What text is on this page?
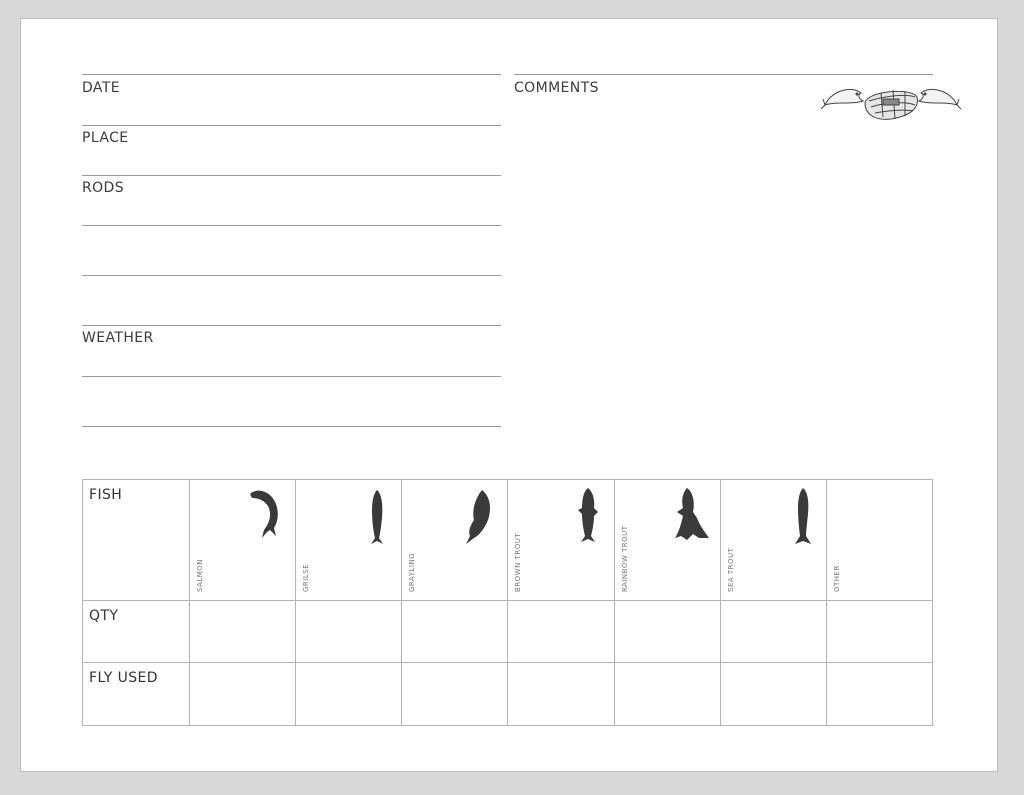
DATE
PLACE
RODS
WEATHER
COMMENTS
FISH	SALMON	GRILSE	GRAYLING	BROWN TROUT	RAINBOW TROUT	SEA TROUT	OTHER

QTY							
FLY USED							
